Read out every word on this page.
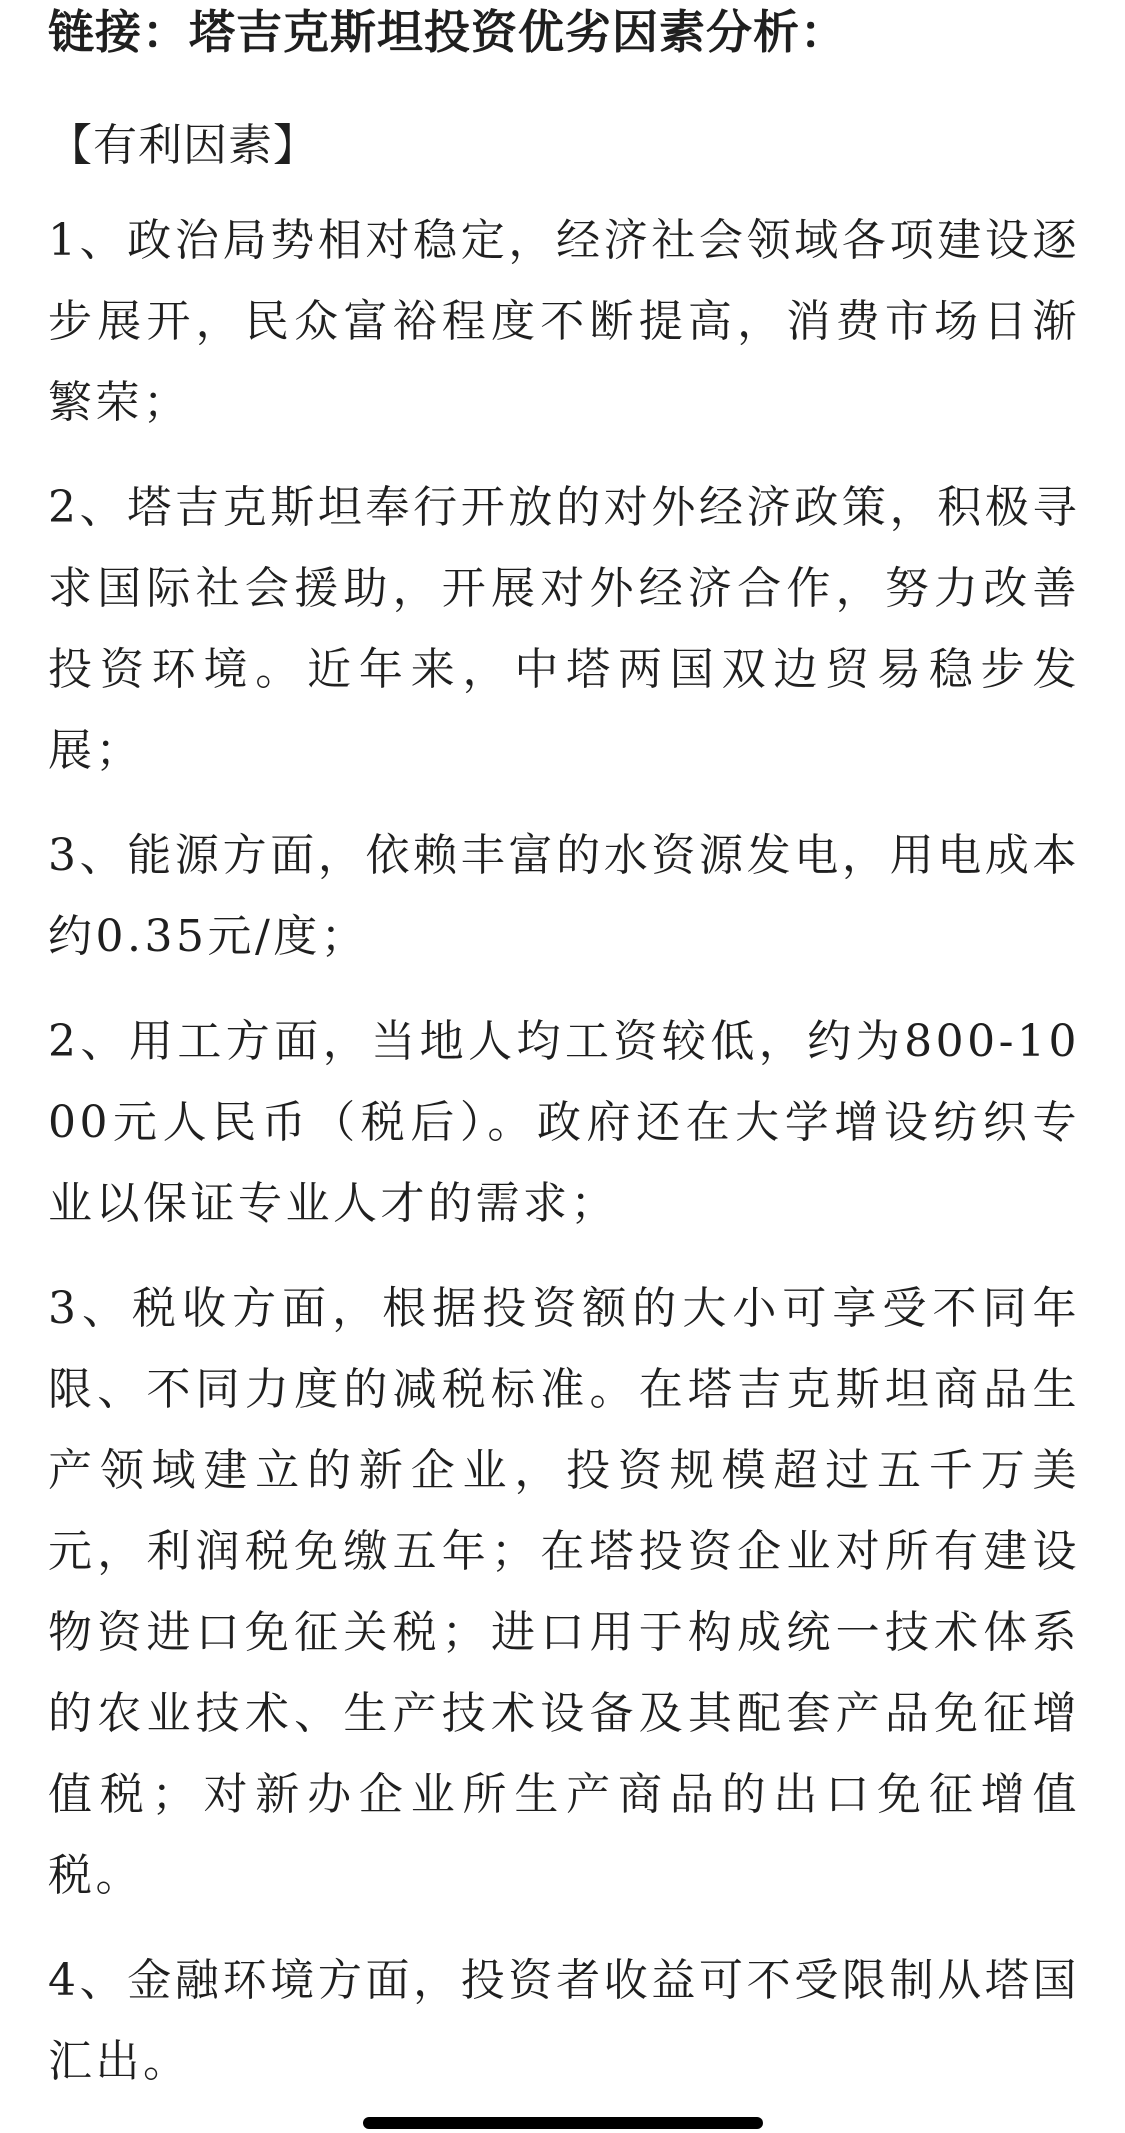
链接：塔吉克斯坦投资优劣因素分析：
【有利因素】

1、政治局势相对稳定，经济社会领域各项建设逐步展开，民众富裕程度不断提高，消费市场日渐繁荣；

2、塔吉克斯坦奉行开放的对外经济政策，积极寻求国际社会援助，开展对外经济合作，努力改善投资环境。近年来，中塔两国双边贸易稳步发展；

3、能源方面，依赖丰富的水资源发电，用电成本约0.35元/度；

2、用工方面，当地人均工资较低，约为800-1000元人民币（税后）。政府还在大学增设纺织专业以保证专业人才的需求；

3、税收方面，根据投资额的大小可享受不同年限、不同力度的减税标准。在塔吉克斯坦商品生产领域建立的新企业，投资规模超过五千万美元，利润税免缴五年；在塔投资企业对所有建设物资进口免征关税；进口用于构成统一技术体系的农业技术、生产技术设备及其配套产品免征增值税；对新办企业所生产商品的出口免征增值税。

4、金融环境方面，投资者收益可不受限制从塔国汇出。
